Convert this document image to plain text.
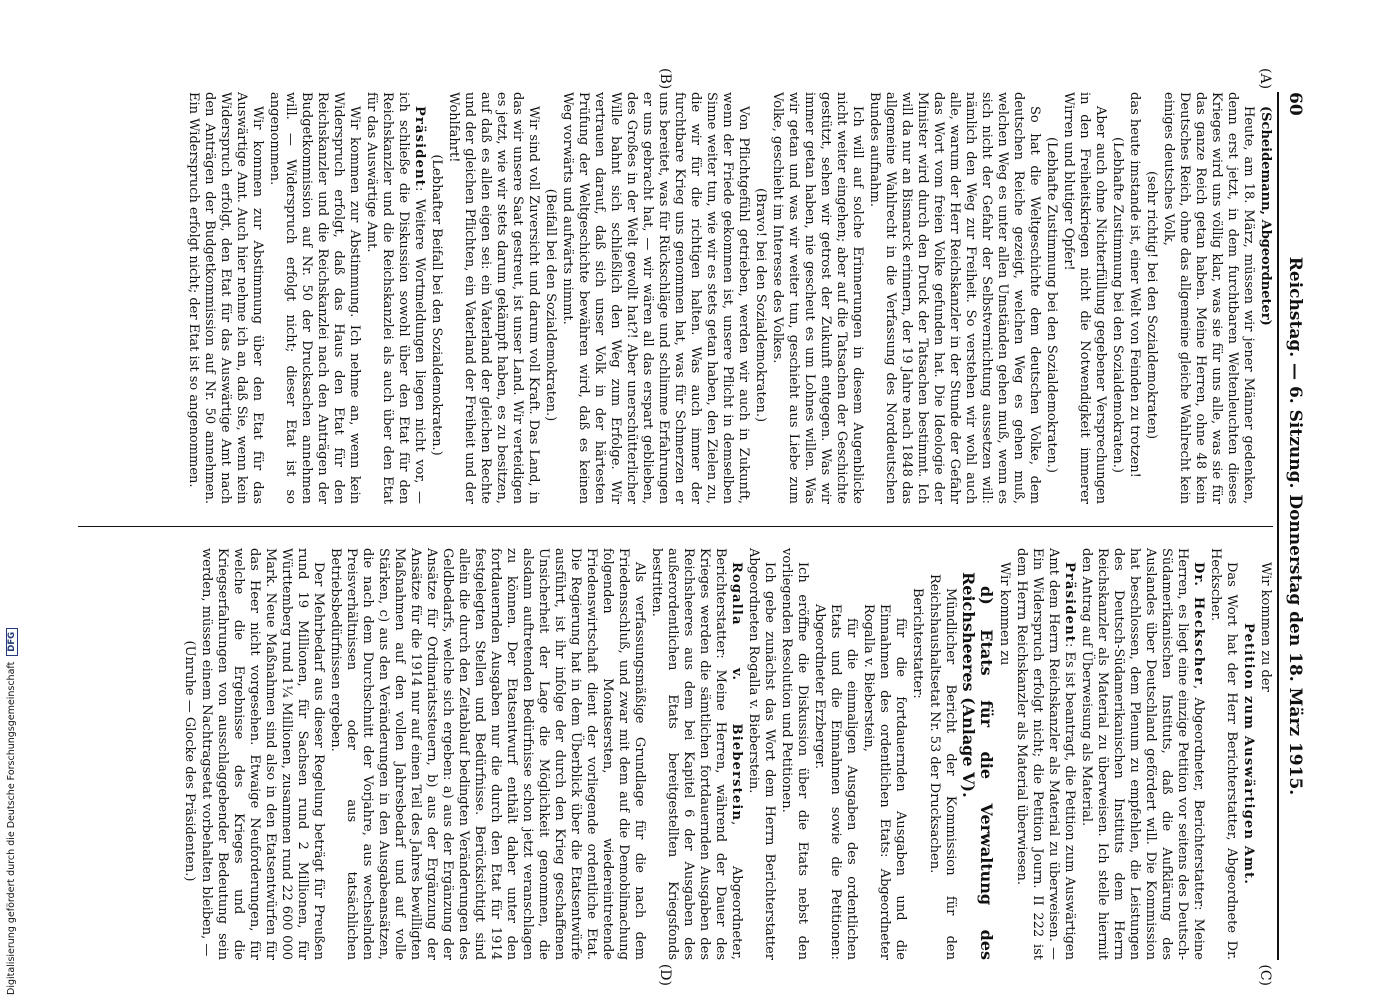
60
Reichstag. — 6. Sitzung. Donnerstag den 18. März 1915.
(A)
(B)
(C)
(D)

(Scheidemann, Abgeordneter)

Heute, am 18. März, müssen wir jener Männer gedenken, denn erst jetzt, in dem furchtbaren Weltenleuchten dieses Krieges wird uns völlig klar, was sie für uns alle, was sie für das ganze Reich getan haben. Meine Herren, ohne 48 kein Deutsches Reich, ohne das allgemeine gleiche Wahlrecht kein einiges deutsches Volk,

(sehr richtig! bei den Sozialdemokraten)

das heute imstande ist, einer Welt von Feinden zu trotzen!

(Lebhafte Zustimmung bei den Sozialdemokraten.)

Aber auch ohne Nichterfüllung gegebener Versprechungen in den Freiheitskriegen nicht die Notwendigkeit immerer Wirren und blutiger Opfer!

(Lebhafte Zustimmung bei den Sozialdemokraten.)

So hat die Weltgeschichte dem deutschen Volke, dem deutschen Reiche gezeigt, welchen Weg es gehen muß, welchen Weg es unter allen Umständen gehen muß, wenn es sich nicht der Gefahr der Selbstvernichtung aussetzen will: nämlich den Weg zur Freiheit. So verstehen wir wohl auch alle, warum der Herr Reichskanzler in der Stunde der Gefahr das Wort vom freien Volke gefunden hat. Die Ideologie der Minister wird durch den Druck der Tatsachen bestimmt. Ich will da nur an Bismarck erinnern, der 19 Jahre nach 1848 das allgemeine Wahlrecht in die Verfassung des Norddeutschen Bundes aufnahm.

Ich will auf solche Erinnerungen in diesem Augenblicke nicht weiter eingehen; aber auf die Tatsachen der Geschichte gestützt, sehen wir getrost der Zukunft entgegen. Was wir immer getan haben, nie gescheut es um Lohnes willen. Was wir getan und was wir weiter tun, geschieht aus Liebe zum Volke, geschieht im Interesse des Volkes.

(Bravo! bei den Sozialdemokraten.)

Von Pflichtgefühl getrieben, werden wir auch in Zukunft, wenn der Friede gekommen ist, unsere Pflicht in demselben Sinne weiter tun, wie wir es stets getan haben, den Zielen zu, die wir für die richtigen halten. Was auch immer der furchtbare Krieg uns genommen hat, was für Schmerzen er uns bereitet, was für Rückschläge und schlimme Erfahrungen er uns gebracht hat, — wir wären all das erspart geblieben, des Großes in der Welt gewollt hat?! Aber unerschütterlicher Wille bahnt sich schließlich den Weg zum Erfolge. Wir vertrauen darauf, daß sich unser Volk in der härtesten Prüfung der Weltgeschichte bewähren wird, daß es keinen Weg vorwärts und aufwärts nimmt.

(Beifall bei den Sozialdemokraten.)

Wir sind voll Zuversicht und darum voll Kraft. Das Land, in das wir unsere Saat gestreut, ist unser Land. Wir verteidigen es jetzt, wie wir stets darum gekämpft haben, es zu besitzen, auf daß es allen eigen sei: ein Vaterland der gleichen Rechte und der gleichen Pflichten, ein Vaterland der Freiheit und der Wohlfahrt!

(Lebhafter Beifall bei den Sozialdemokraten.)

Präsident: Weitere Wortmeldungen liegen nicht vor, — ich schließe die Diskussion sowohl über den Etat für den Reichskanzler und die Reichskanzlei als auch über den Etat für das Auswärtige Amt.

Wir kommen zur Abstimmung. Ich nehme an, wenn kein Widerspruch erfolgt, daß das Haus den Etat für den Reichskanzler und die Reichskanzlei nach den Anträgen der Budgetkommission auf Nr. 50 der Drucksachen annehmen will. — Widerspruch erfolgt nicht; dieser Etat ist so angenommen.

Wir kommen zur Abstimmung über den Etat für das Auswärtige Amt. Auch hier nehme ich an, daß Sie, wenn kein Widerspruch erfolgt, den Etat für das Auswärtige Amt nach den Anträgen der Budgetkommission auf Nr. 50 annehmen. Ein Widerspruch erfolgt nicht; der Etat ist so angenommen.

Wir kommen zu der

Petition zum Auswärtigen Amt.

Das Wort hat der Herr Berichterstatter, Abgeordnete Dr. Heckscher.

Dr. Heckscher, Abgeordneter, Berichterstatter: Meine Herren, es liegt eine einzige Petition vor seitens des Deutsch-Südamerikanischen Instituts, daß die Aufklärung des Auslandes über Deutschland gefördert will. Die Kommission hat beschlossen, dem Plenum zu empfehlen, die Leistungen des Deutsch-Südamerikanischen Instituts dem Herrn Reichskanzler als Material zu überweisen. Ich stelle hiermit den Antrag auf Überweisung als Material.

Präsident: Es ist beantragt, die Petition zum Auswärtigen Amt dem Herrn Reichskanzler als Material zu überweisen. — Ein Widerspruch erfolgt nicht; die Petition Journ. II 222 ist dem Herrn Reichskanzler als Material überwiesen.

Wir kommen zu

d) Etats für die Verwaltung des Reichsheeres (Anlage V).

Mündlicher Bericht der Kommission für den Reichshaushaltsetat Nr. 53 der Drucksachen.

Berichterstatter:

für die fortdauernden Ausgaben und die Einnahmen des ordentlichen Etats: Abgeordneter Rogalla v. Bieberstein,

für die einmaligen Ausgaben des ordentlichen Etats und die Einnahmen sowie die Petitionen: Abgeordneter Erzberger.

Ich eröffne die Diskussion über die Etats nebst den vorliegenden Resolution und Petitionen.

Ich gebe zunächst das Wort dem Herrn Berichterstatter Abgeordneten Rogalla v. Bieberstein.

Rogalla v. Bieberstein, Abgeordneter, Berichterstatter: Meine Herren, während der Dauer des Krieges werden die sämtlichen fortdauernden Ausgaben des Reichsheeres aus dem bei Kapitel 6 der Ausgaben des außerordentlichen Etats bereitgestellten Kriegsfonds bestritten.

Als verfassungsmäßige Grundlage für die nach dem Friedensschluß, und zwar mit dem auf die Demobilmachung folgenden Monatsersten, wiedereintretende Friedenswirtschaft dient der vorliegende ordentliche Etat. Die Regierung hat in dem Überblick über die Etatsentwürfe ausführt, ist ihr infolge der durch den Krieg geschaffenen Unsicherheit der Lage die Möglichkeit genommen, die alsdann auftretenden Bedürfnisse schon jetzt veranschlagen zu können. Der Etatsentwurf enthält daher unter den fortdauernden Ausgaben nur die durch den Etat für 1914 festgelegten Stellen und Bedürfnisse. Berücksichtigt sind allein die durch den Zeitablauf bedingten Veränderungen des Geldbedarfs, welche sich ergeben: a) aus der Ergänzung der Ansätze für Ordinariatssteuern, b) aus der Ergänzung der Ansätze für die 1914 nur auf einen Teil des Jahres bewilligten Maßnahmen auf den vollen Jahresbedarf und auf volle Stärken, c) aus den Veränderungen in den Ausgabeansätzen, die nach dem Durchschnitt der Vorjahre, aus wechselnden Preisverhältnissen oder aus tatsächlichen Betriebsbedürfnissen ergeben.

Der Mehrbedarf aus dieser Regelung beträgt für Preußen rund 19 Millionen, für Sachsen rund 2 Millionen, für Württemberg rund 1¼ Millionen, zusammen rund 22 600 000 Mark. Neue Maßnahmen sind also in den Etatsentwürfen für das Heer nicht vorgesehen. Etwaige Neuforderungen, für welche die Ergebnisse des Krieges und die Kriegserfahrungen von ausschlaggebender Bedeutung sein werden, müssen einem Nachtragsetat vorbehalten bleiben, —

(Unruhe — Glocke des Präsidenten.)

Digitalisierung gefördert durch die Deutsche ForschungsgemeinschaftDFG
